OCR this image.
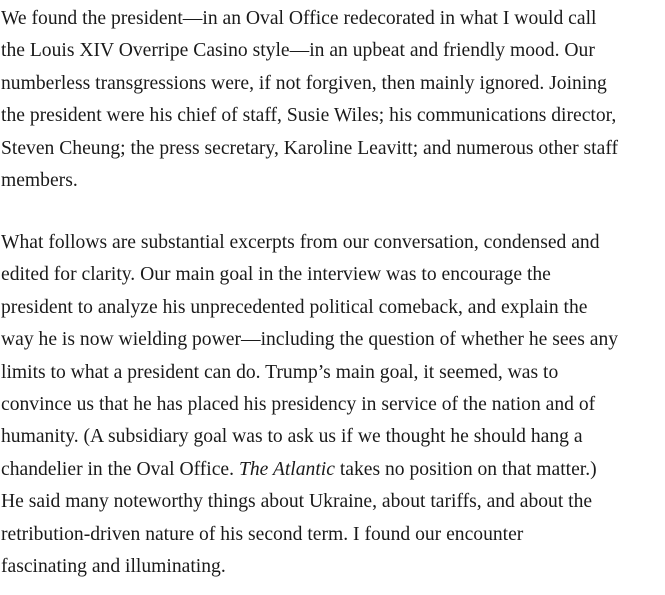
We found the president—in an Oval Office redecorated in what I would call
the Louis XIV Overripe Casino style—in an upbeat and friendly mood. Our
numberless transgressions were, if not forgiven, then mainly ignored. Joining
the president were his chief of staff, Susie Wiles; his communications director,
Steven Cheung; the press secretary, Karoline Leavitt; and numerous other staff
members.
What follows are substantial excerpts from our conversation, condensed and
edited for clarity. Our main goal in the interview was to encourage the
president to analyze his unprecedented political comeback, and explain the
way he is now wielding power—including the question of whether he sees any
limits to what a president can do. Trump’s main goal, it seemed, was to
convince us that he has placed his presidency in service of the nation and of
humanity. (A subsidiary goal was to ask us if we thought he should hang a
chandelier in the Oval Office. The Atlantic takes no position on that matter.)
He said many noteworthy things about Ukraine, about tariffs, and about the
retribution-driven nature of his second term. I found our encounter
fascinating and illuminating.
